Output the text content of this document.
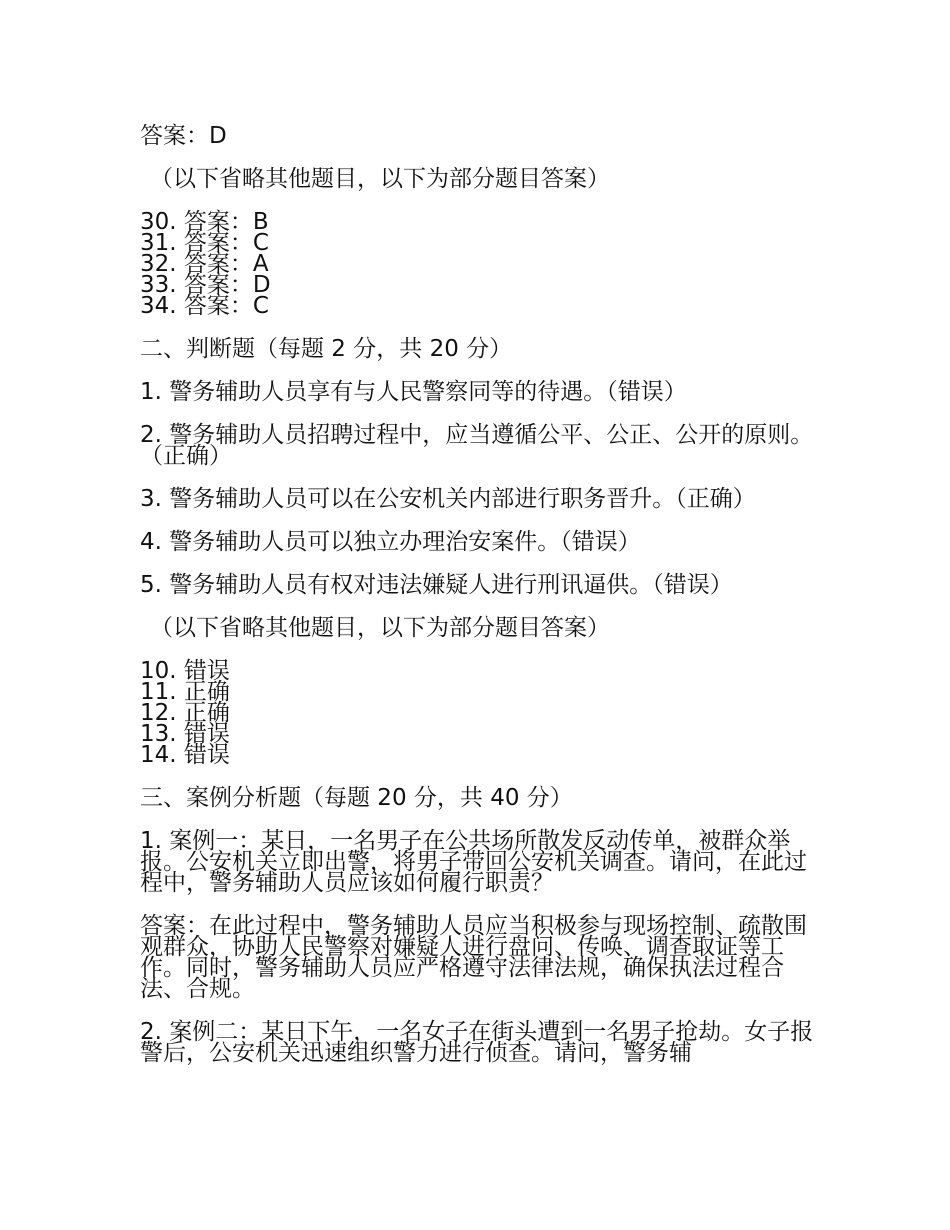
答案：D

（以下省略其他题目，以下为部分题目答案）

30. 答案：B
31. 答案：C
32. 答案：A
33. 答案：D
34. 答案：C

二、判断题（每题 2 分，共 20 分）

1. 警务辅助人员享有与人民警察同等的待遇。（错误）

2. 警务辅助人员招聘过程中，应当遵循公平、公正、公开的原则。（正确）

3. 警务辅助人员可以在公安机关内部进行职务晋升。（正确）

4. 警务辅助人员可以独立办理治安案件。（错误）

5. 警务辅助人员有权对违法嫌疑人进行刑讯逼供。（错误）

（以下省略其他题目，以下为部分题目答案）

10. 错误
11. 正确
12. 正确
13. 错误
14. 错误

三、案例分析题（每题 20 分，共 40 分）

1. 案例一：某日，一名男子在公共场所散发反动传单，被群众举报。公安机关立即出警，将男子带回公安机关调查。请问，在此过程中，警务辅助人员应该如何履行职责？

答案：在此过程中，警务辅助人员应当积极参与现场控制、疏散围观群众，协助人民警察对嫌疑人进行盘问、传唤、调查取证等工作。同时，警务辅助人员应严格遵守法律法规，确保执法过程合法、合规。

2. 案例二：某日下午，一名女子在街头遭到一名男子抢劫。女子报警后，公安机关迅速组织警力进行侦查。请问，警务辅
